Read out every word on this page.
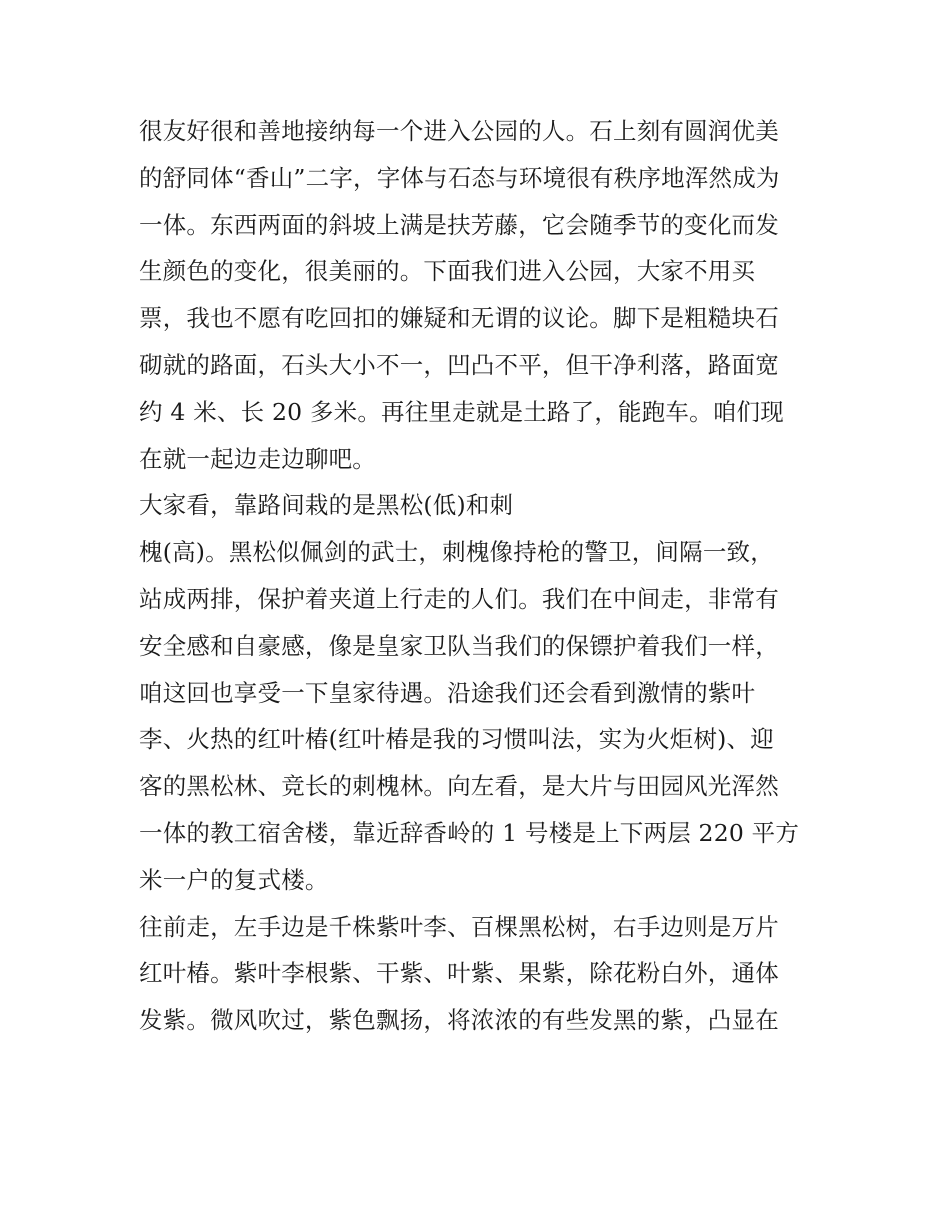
很友好很和善地接纳每一个进入公园的人。石上刻有圆润优美
的舒同体“香山”二字，字体与石态与环境很有秩序地浑然成为
一体。东西两面的斜坡上满是扶芳藤，它会随季节的变化而发
生颜色的变化，很美丽的。下面我们进入公园，大家不用买
票，我也不愿有吃回扣的嫌疑和无谓的议论。脚下是粗糙块石
砌就的路面，石头大小不一，凹凸不平，但干净利落，路面宽
约 4 米、长 20 多米。再往里走就是土路了，能跑车。咱们现
在就一起边走边聊吧。
大家看，靠路间栽的是黑松(低)和刺
槐(高)。黑松似佩剑的武士，刺槐像持枪的警卫，间隔一致，
站成两排，保护着夹道上行走的人们。我们在中间走，非常有
安全感和自豪感，像是皇家卫队当我们的保镖护着我们一样，
咱这回也享受一下皇家待遇。沿途我们还会看到激情的紫叶
李、火热的红叶椿(红叶椿是我的习惯叫法，实为火炬树)、迎
客的黑松林、竞长的刺槐林。向左看，是大片与田园风光浑然
一体的教工宿舍楼，靠近辞香岭的 1 号楼是上下两层 220 平方
米一户的复式楼。
往前走，左手边是千株紫叶李、百棵黑松树，右手边则是万片
红叶椿。紫叶李根紫、干紫、叶紫、果紫，除花粉白外，通体
发紫。微风吹过，紫色飘扬，将浓浓的有些发黑的紫，凸显在
